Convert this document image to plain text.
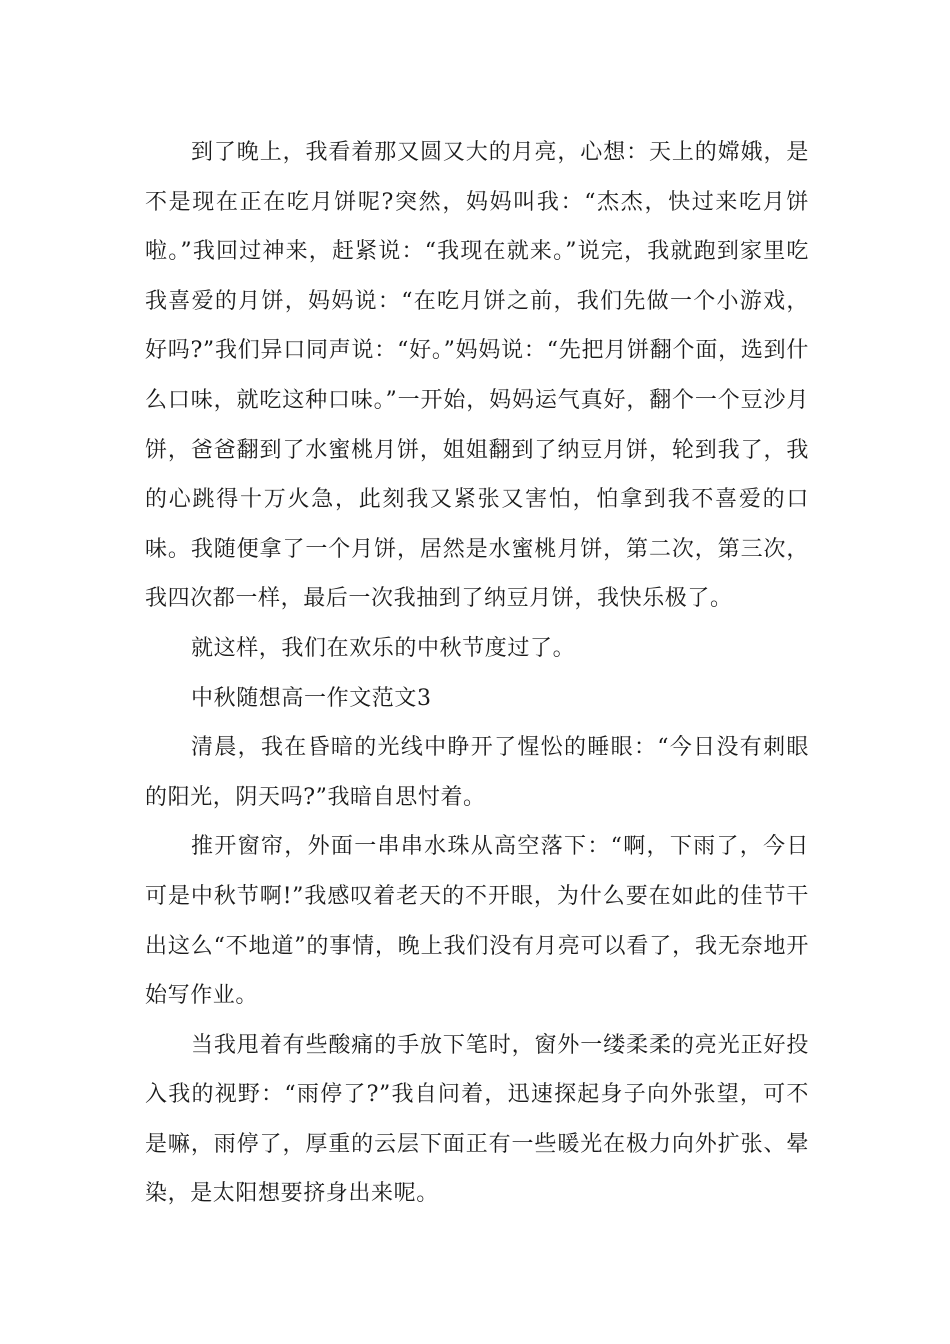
到了晚上，我看着那又圆又大的月亮，心想：天上的嫦娥，是不是现在正在吃月饼呢?突然，妈妈叫我：“杰杰，快过来吃月饼啦。”我回过神来，赶紧说：“我现在就来。”说完，我就跑到家里吃我喜爱的月饼，妈妈说：“在吃月饼之前，我们先做一个小游戏，好吗?”我们异口同声说：“好。”妈妈说：“先把月饼翻个面，选到什么口味，就吃这种口味。”一开始，妈妈运气真好，翻个一个豆沙月饼，爸爸翻到了水蜜桃月饼，姐姐翻到了纳豆月饼，轮到我了，我的心跳得十万火急，此刻我又紧张又害怕，怕拿到我不喜爱的口味。我随便拿了一个月饼，居然是水蜜桃月饼，第二次，第三次，我四次都一样，最后一次我抽到了纳豆月饼，我快乐极了。

就这样，我们在欢乐的中秋节度过了。

中秋随想高一作文范文3

清晨，我在昏暗的光线中睁开了惺忪的睡眼：“今日没有刺眼的阳光，阴天吗?”我暗自思忖着。

推开窗帘，外面一串串水珠从高空落下：“啊，下雨了，今日可是中秋节啊!”我感叹着老天的不开眼，为什么要在如此的佳节干出这么“不地道”的事情，晚上我们没有月亮可以看了，我无奈地开始写作业。

当我甩着有些酸痛的手放下笔时，窗外一缕柔柔的亮光正好投入我的视野：“雨停了?”我自问着，迅速探起身子向外张望，可不是嘛，雨停了，厚重的云层下面正有一些暖光在极力向外扩张、晕染，是太阳想要挤身出来呢。
